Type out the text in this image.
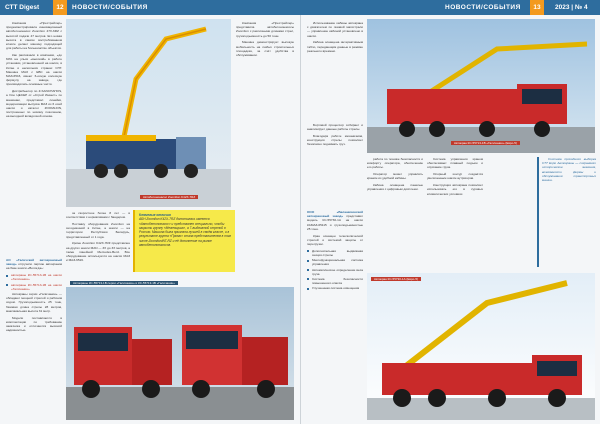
СТТ Digest	12	НОВОСТИ/СОБЫТИЯ	НОВОСТИ/СОБЫТИЯ	13	2023 | № 4

Компания «Престрейлер» продемонстрировала инновационный автобетононасос Zoomlion 47X-6RZ с высотой подачи 47 метров. Его новая высота в самом востребованном классе делает машину подходящей для работы на большинстве объектов.

Как рассказали в компании, «до 60% на ульях «высокий» в работе установки, установленной на шасси, в Китае и нескольких странах СНГ. Машина МАЗ с ЕВС на шасси МАЗ-6516, имеют 6-осную колесную формулу на заводе, где производились основные части.

Дистрибьютор по Z-SANCHAHOS, а Ооо ЦЕСЕР от «Строй Инвест» по машинам, представил линейки, модернизации выпуска МАЗ из 6 осей шасси и каталог ZOOMLION, построенных по новому поколению, на выгодной вкладочной основе.

Ключевые отличия
АБН Zoomlion K42X-7RZ дополнилась имеется «Автобетононасос» и представлен специально, чтобы закрыть группу «Межевщика», а 7-выдвижной стрелой в Россию. Машина была признана лучшей в своём классе, и в результате группа «Промо» стала представителем в том числе ZoomlionINT-RZ и её дополнение на рынке автобетононасосов.

за скоростное более 8 лет — в соответствии с нормативами с бандером.

Поставку оборудования Zoomlion на сегодняшний в Китае, а шасси — на территории Республики Беларусь, представленный от 1 года.

Кроме Zoomlion K42X-7RZ представлен на других шасси MAN — 3X до 3X метров, а также линейной Mercedes-Benz. Все оборудование используется на шасси МАЗ и МАЗ-6516.

Автобетононасос Zoomlion K42X-7RZ

Компания «Престрейлер» представила автобетононасосы Zoomlion с различными длинами стрел, грузоподъемность до 50 тонн.

Машина демонстрирует высокую мобильность на любых строительных площадках, за счёт удобства в обслуживании.

АО «Галичский автокрановый завод» отгрузило партию автокранов на базе шасси «Вологда»:

автокраны КС-55713-1В на шасси «Галичанин»
автокраны КС-55713-1В на шасси «Галичанин»

Автокраны серии «Галичанин» — обладают мощной стрелой и рабочим ходом. Грузоподъемность 25 тонн, базовая длина стрелы 28 метров, максимальная высота 31 метр.

Модели поставляются в комплектации по требованию заказчика и отличаются высокой надёжностью.

Автокраны КС-55713-1В серии «Галичанин» и КС-55713-1В «Галичанин»

Использование кабины автокрана с двигателем по газовой магистрали — управление кабиной установлено в шасси.

Кабина оснащена интерактивным табло, передающим данные в режиме реального времени.

Автокран КС-55713-1В «Галичанин» (Евро-5)

Бортовой процессор собирает и анализирует данные работы стрелы.

Благодаря работе механизмов, конструкция стрелы позволяет безопасно поднимать груз.

ООО «Балашихинский автокрановый завод» представил модель КС-55730-1А на шасси КАМАЗ-65115 и грузоподъемностью 25 тонн.

Кран оснащен телескопической стрелой и системой защиты от перегрузки.

Дополнительная выдвижная секция стрелы
Многофункциональная система управления
Автоматическое определение веса груза
Система безопасности повышенного класса
Улучшенная система освещения

работа по технике безопасности и комфорту оператора, обеспечению его работы.

Оператор может управлять краном из удобной кабины.

Кабина оснащена панелью управления с цифровым дисплеем.

Система управления краном обеспечивает плавный подъем и опускание груза.

Опорный контур создаётся увеличенным шагом аутригеров.

Конструкция автокрана позволяет использовать его в суровых климатических условиях.

Система проходного выборка СТТ Expo Автокраны — сохраняют исторические значения, возможности фирмы и обслуживания транспортных машин.

Автокран КС-55730-1А (Евро-5)
